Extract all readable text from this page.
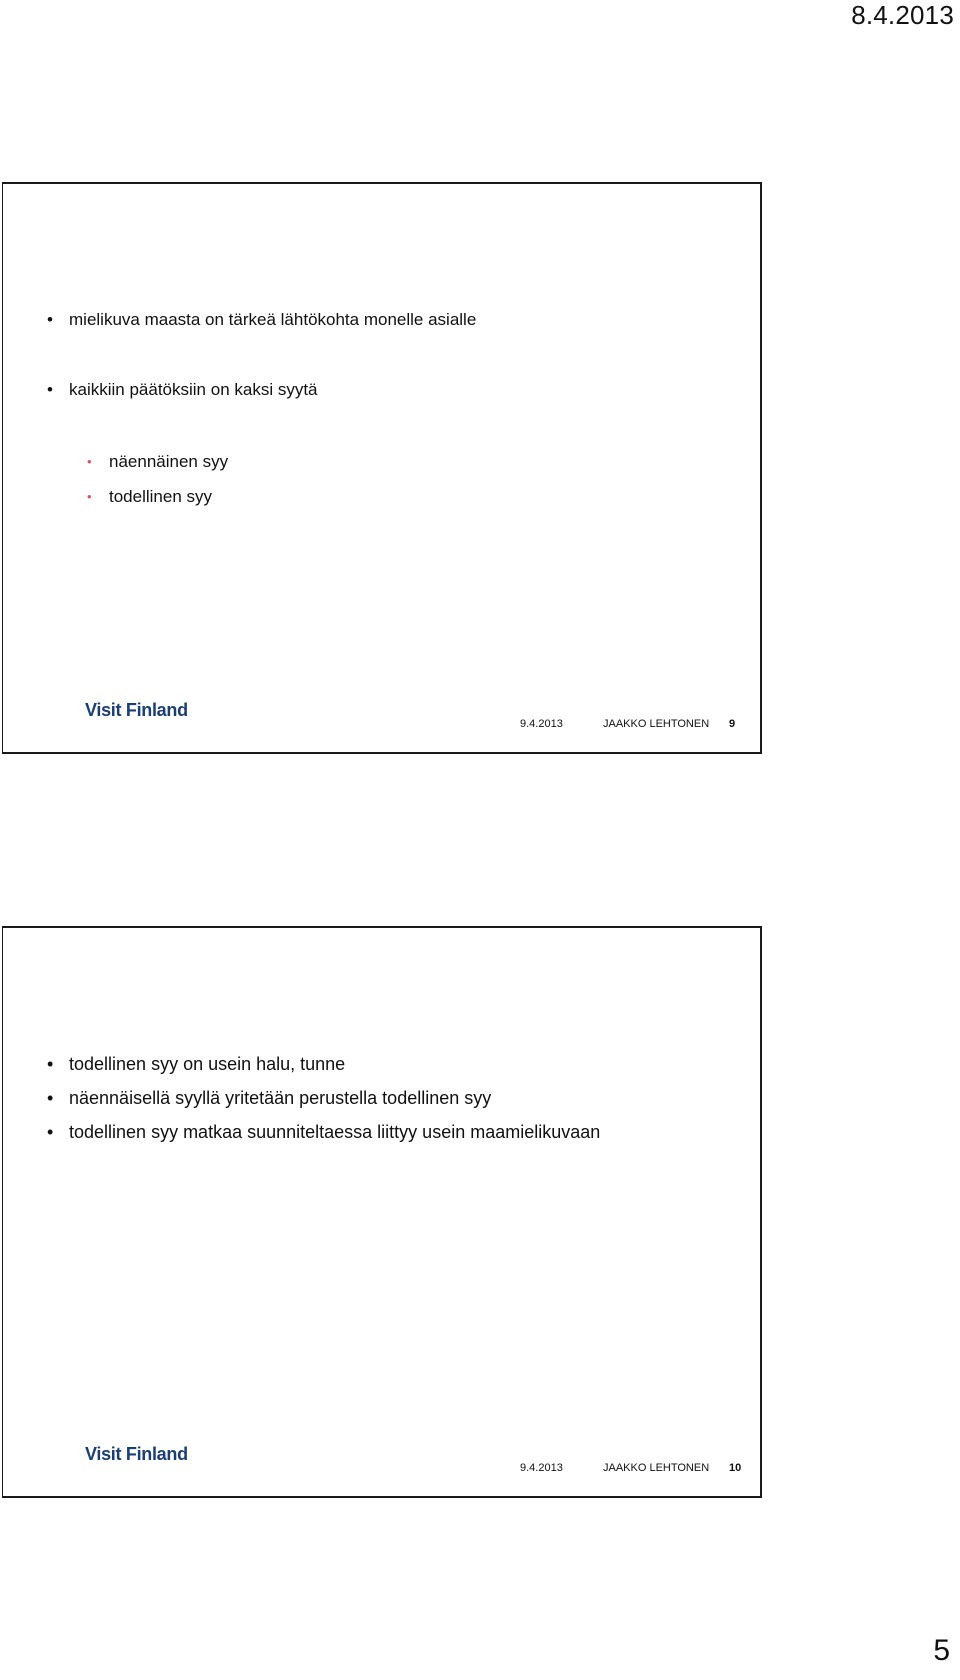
8.4.2013
• mielikuva maasta on tärkeä lähtökohta monelle asialle
• kaikkiin päätöksiin on kaksi syytä
• näennäinen syy
• todellinen syy
Visit Finland
9.4.2013	JAAKKO LEHTONEN 9
• todellinen syy on usein halu, tunne
• näennäisellä syyllä yritetään perustella todellinen syy
• todellinen syy matkaa suunniteltaessa liittyy usein maamielikuvaan
Visit Finland
9.4.2013	JAAKKO LEHTONEN 10
5
